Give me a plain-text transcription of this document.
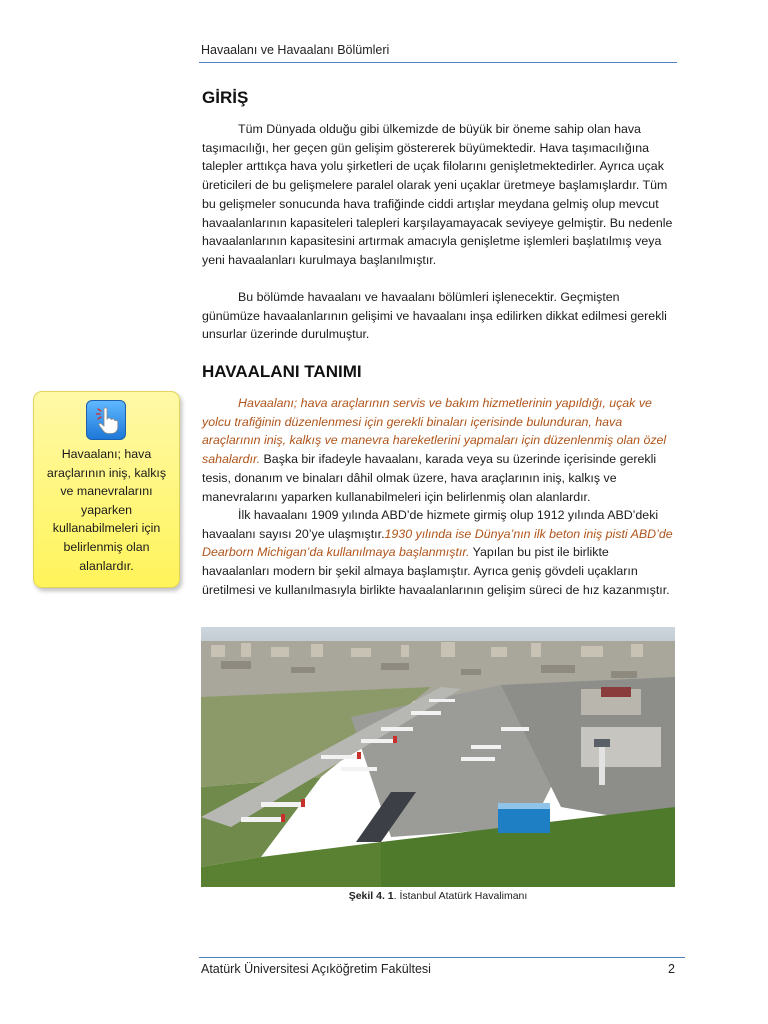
Havaalanı ve Havaalanı Bölümleri
GİRİŞ

Tüm Dünyada olduğu gibi ülkemizde de büyük bir öneme sahip olan hava taşımacılığı, her geçen gün gelişim göstererek büyümektedir. Hava taşımacılığına talepler arttıkça hava yolu şirketleri de uçak filolarını genişletmektedirler. Ayrıca uçak üreticileri de bu gelişmelere paralel olarak yeni uçaklar üretmeye başlamışlardır. Tüm bu gelişmeler sonucunda hava trafiğinde ciddi artışlar meydana gelmiş olup mevcut havaalanlarının kapasiteleri talepleri karşılayamayacak seviyeye gelmiştir. Bu nedenle havaalanlarının kapasitesini artırmak amacıyla genişletme işlemleri başlatılmış veya yeni havaalanları kurulmaya başlanılmıştır.

Bu bölümde havaalanı ve havaalanı bölümleri işlenecektir. Geçmişten günümüze havaalanlarının gelişimi ve havaalanı inşa edilirken dikkat edilmesi gerekli unsurlar üzerinde durulmuştur.

HAVAALANI TANIMI

Havaalanı; hava araçlarının servis ve bakım hizmetlerinin yapıldığı, uçak ve yolcu trafiğinin düzenlenmesi için gerekli binaları içerisinde bulunduran, hava araçlarının iniş, kalkış ve manevra hareketlerini yapmaları için düzenlenmiş olan özel sahalardır. Başka bir ifadeyle havaalanı, karada veya su üzerinde içerisinde gerekli tesis, donanım ve binaları dâhil olmak üzere, hava araçlarının iniş, kalkış ve manevralarını yaparken kullanabilmeleri için belirlenmiş olan alanlardır.

İlk havaalanı 1909 yılında ABD’de hizmete girmiş olup 1912 yılında ABD’deki havaalanı sayısı 20’ye ulaşmıştır.1930 yılında ise Dünya’nın ilk beton iniş pisti ABD’de Dearborn Michigan’da kullanılmaya başlanmıştır. Yapılan bu pist ile birlikte havaalanları modern bir şekil almaya başlamıştır. Ayrıca geniş gövdeli uçakların üretilmesi ve kullanılmasıyla birlikte havaalanlarının gelişim süreci de hız kazanmıştır.

Havaalanı; hava araçlarının iniş, kalkış ve manevralarını yaparken kullanabilmeleri için belirlenmiş olan alanlardır.
Şekil 4. 1. İstanbul Atatürk Havalimanı
Atatürk Üniversitesi Açıköğretim Fakültesi	2
